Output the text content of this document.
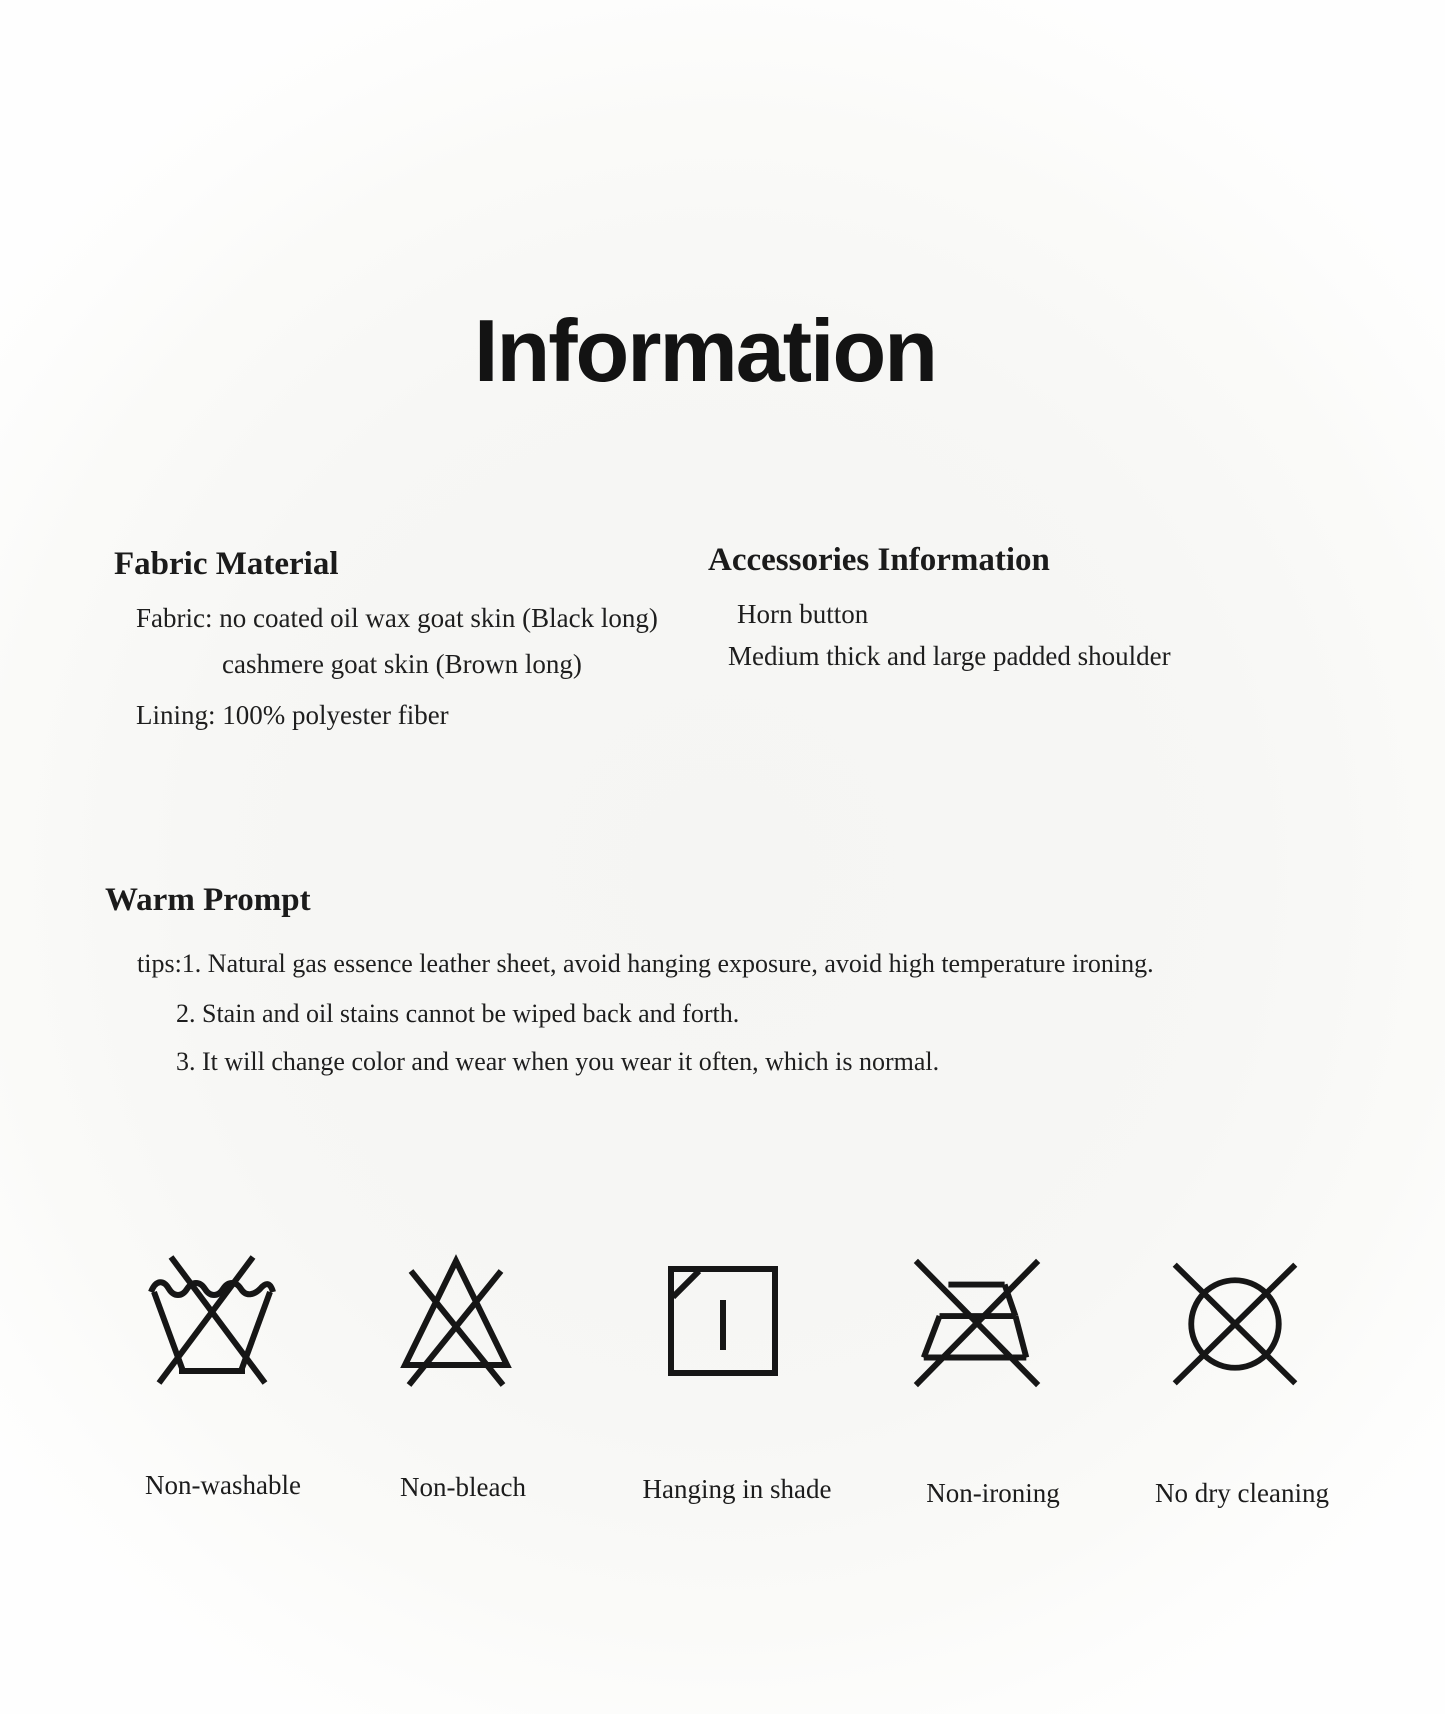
Information
Fabric Material

Fabric: no coated oil wax goat skin (Black long)

cashmere goat skin (Brown long)

Lining: 100% polyester fiber

Accessories Information

Horn button

Medium thick and large padded shoulder

Warm Prompt

tips:1. Natural gas essence leather sheet, avoid hanging exposure, avoid high temperature ironing.

2. Stain and oil stains cannot be wiped back and forth.

3. It will change color and wear when you wear it often, which is normal.

Non-washable	Non-bleach	Hanging in shade	Non-ironing	No dry cleaning
